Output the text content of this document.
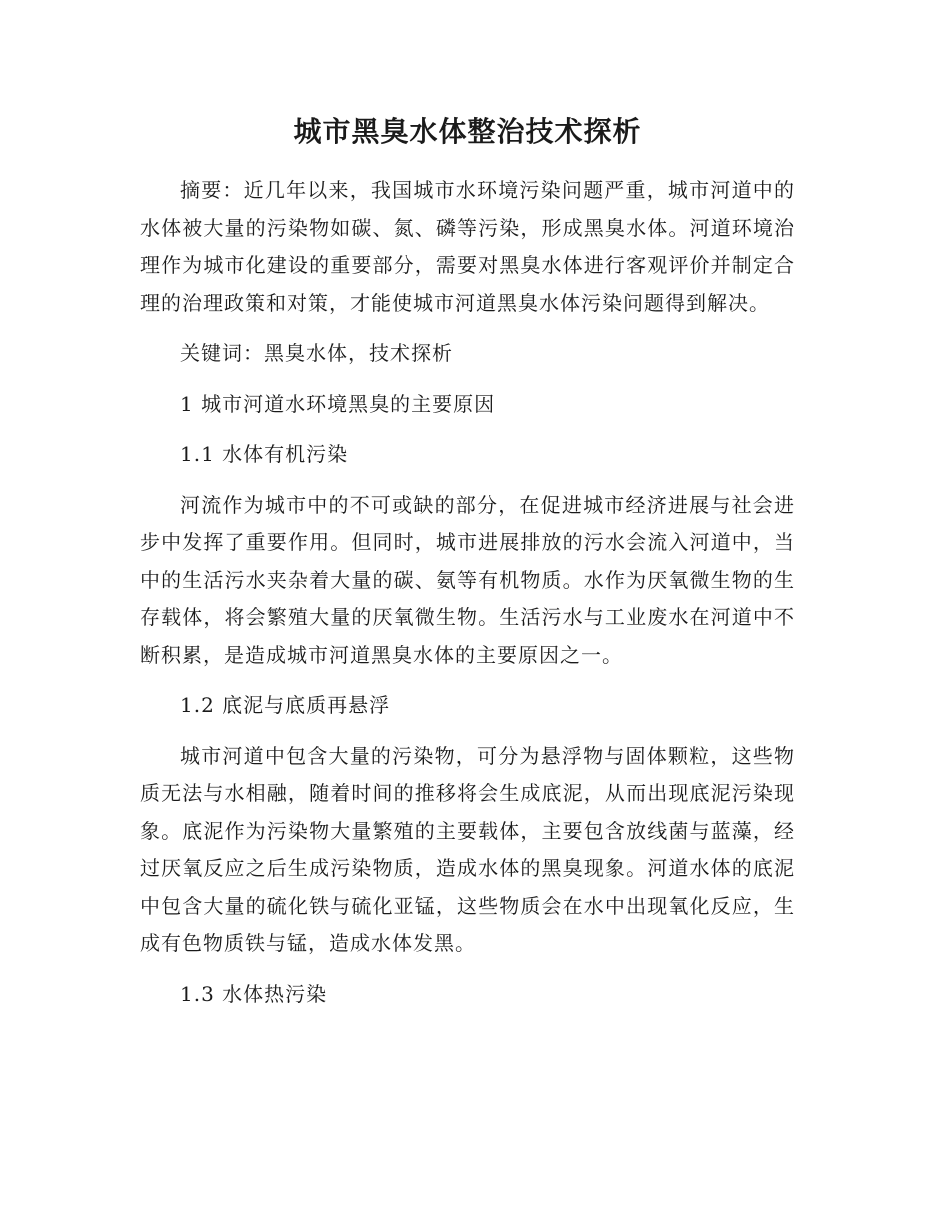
城市黑臭水体整治技术探析

摘要：近几年以来，我国城市水环境污染问题严重，城市河道中的水体被大量的污染物如碳、氮、磷等污染，形成黑臭水体。河道环境治理作为城市化建设的重要部分，需要对黑臭水体进行客观评价并制定合理的治理政策和对策，才能使城市河道黑臭水体污染问题得到解决。

关键词：黑臭水体，技术探析

1 城市河道水环境黑臭的主要原因

1.1 水体有机污染

河流作为城市中的不可或缺的部分，在促进城市经济进展与社会进步中发挥了重要作用。但同时，城市进展排放的污水会流入河道中，当中的生活污水夹杂着大量的碳、氨等有机物质。水作为厌氧微生物的生存载体，将会繁殖大量的厌氧微生物。生活污水与工业废水在河道中不断积累，是造成城市河道黑臭水体的主要原因之一。

1.2 底泥与底质再悬浮

城市河道中包含大量的污染物，可分为悬浮物与固体颗粒，这些物质无法与水相融，随着时间的推移将会生成底泥，从而出现底泥污染现象。底泥作为污染物大量繁殖的主要载体，主要包含放线菌与蓝藻，经过厌氧反应之后生成污染物质，造成水体的黑臭现象。河道水体的底泥中包含大量的硫化铁与硫化亚锰，这些物质会在水中出现氧化反应，生成有色物质铁与锰，造成水体发黑。

1.3 水体热污染
